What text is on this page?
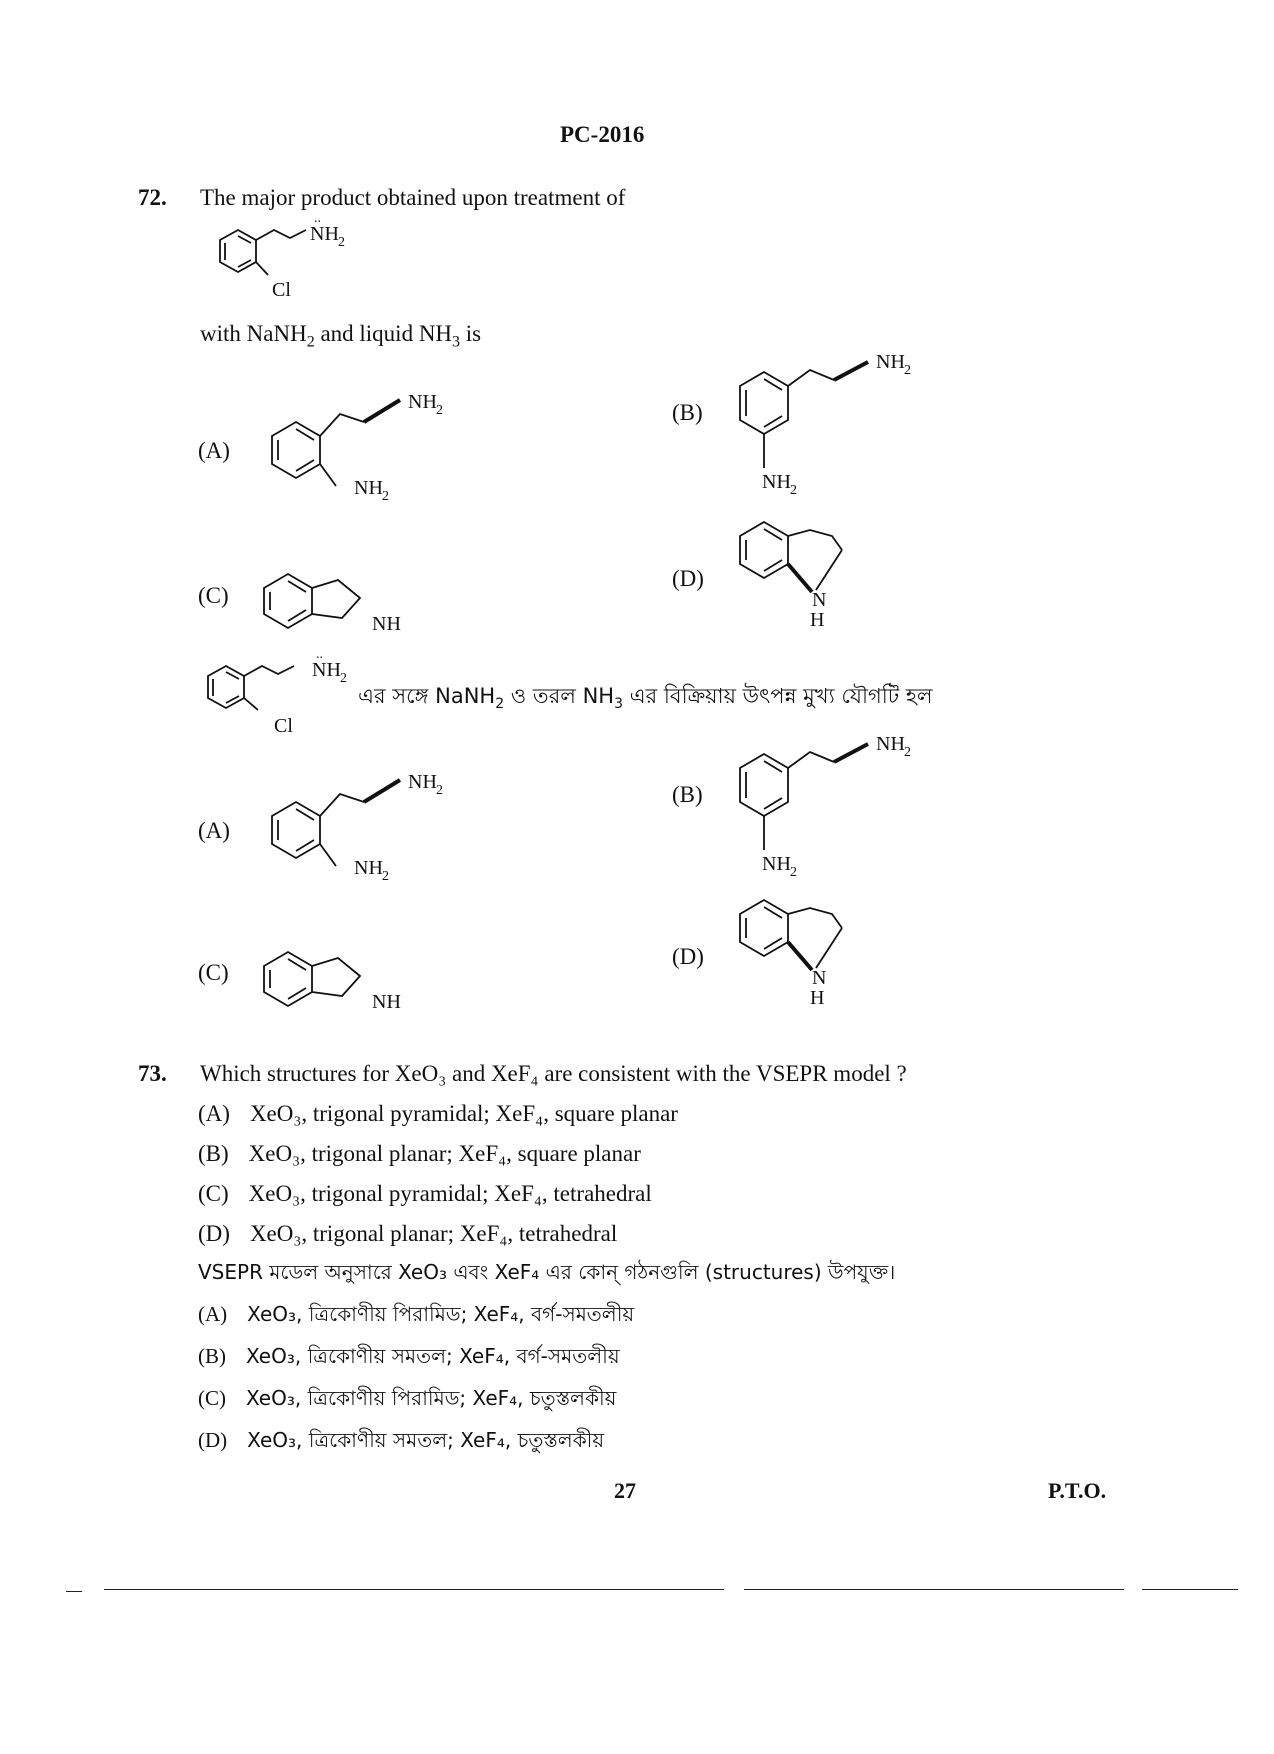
PC-2016
72. The major product obtained upon treatment of
..
NH 2
Cl
with NaNH$_2$ and liquid $NH_3$ is
(A)
NH 2
NH 2
(B)
NH 2
NH 2
(C)
NH
(D)
N
H
..
NH 2
Cl
এর সঙ্গে NaNH$_2$ ও তরল $NH_3$ এর বিক্রিয়ায় উৎপন্ন মুখ্য যৌগটি হল
(A)
NH 2
NH 2
(B)
NH 2
NH 2
(C)
NH
(D)
N
H
73. Which structures for XeO₃ and XeF₄ are consistent with the VSEPR model ?
(A) XeO₃, trigonal pyramidal; XeF₄, square planar
(B) XeO₃, trigonal planar; XeF₄, square planar
(C) XeO₃, trigonal pyramidal; XeF₄, tetrahedral
(D) XeO₃, trigonal planar; XeF₄, tetrahedral
VSEPR মডেল অনুসারে XeO₃ এবং XeF₄ এর কোন্ গঠনগুলি (structures) উপযুক্ত।
(A) XeO₃, ত্রিকোণীয় পিরামিড; XeF₄, বর্গ-সমতলীয়
(B) XeO₃, ত্রিকোণীয় সমতল; XeF₄, বর্গ-সমতলীয়
(C) XeO₃, ত্রিকোণীয় পিরামিড; XeF₄, চতুস্তলকীয়
(D) XeO₃, ত্রিকোণীয় সমতল; XeF₄, চতুস্তলকীয়
27	P.T.O.
